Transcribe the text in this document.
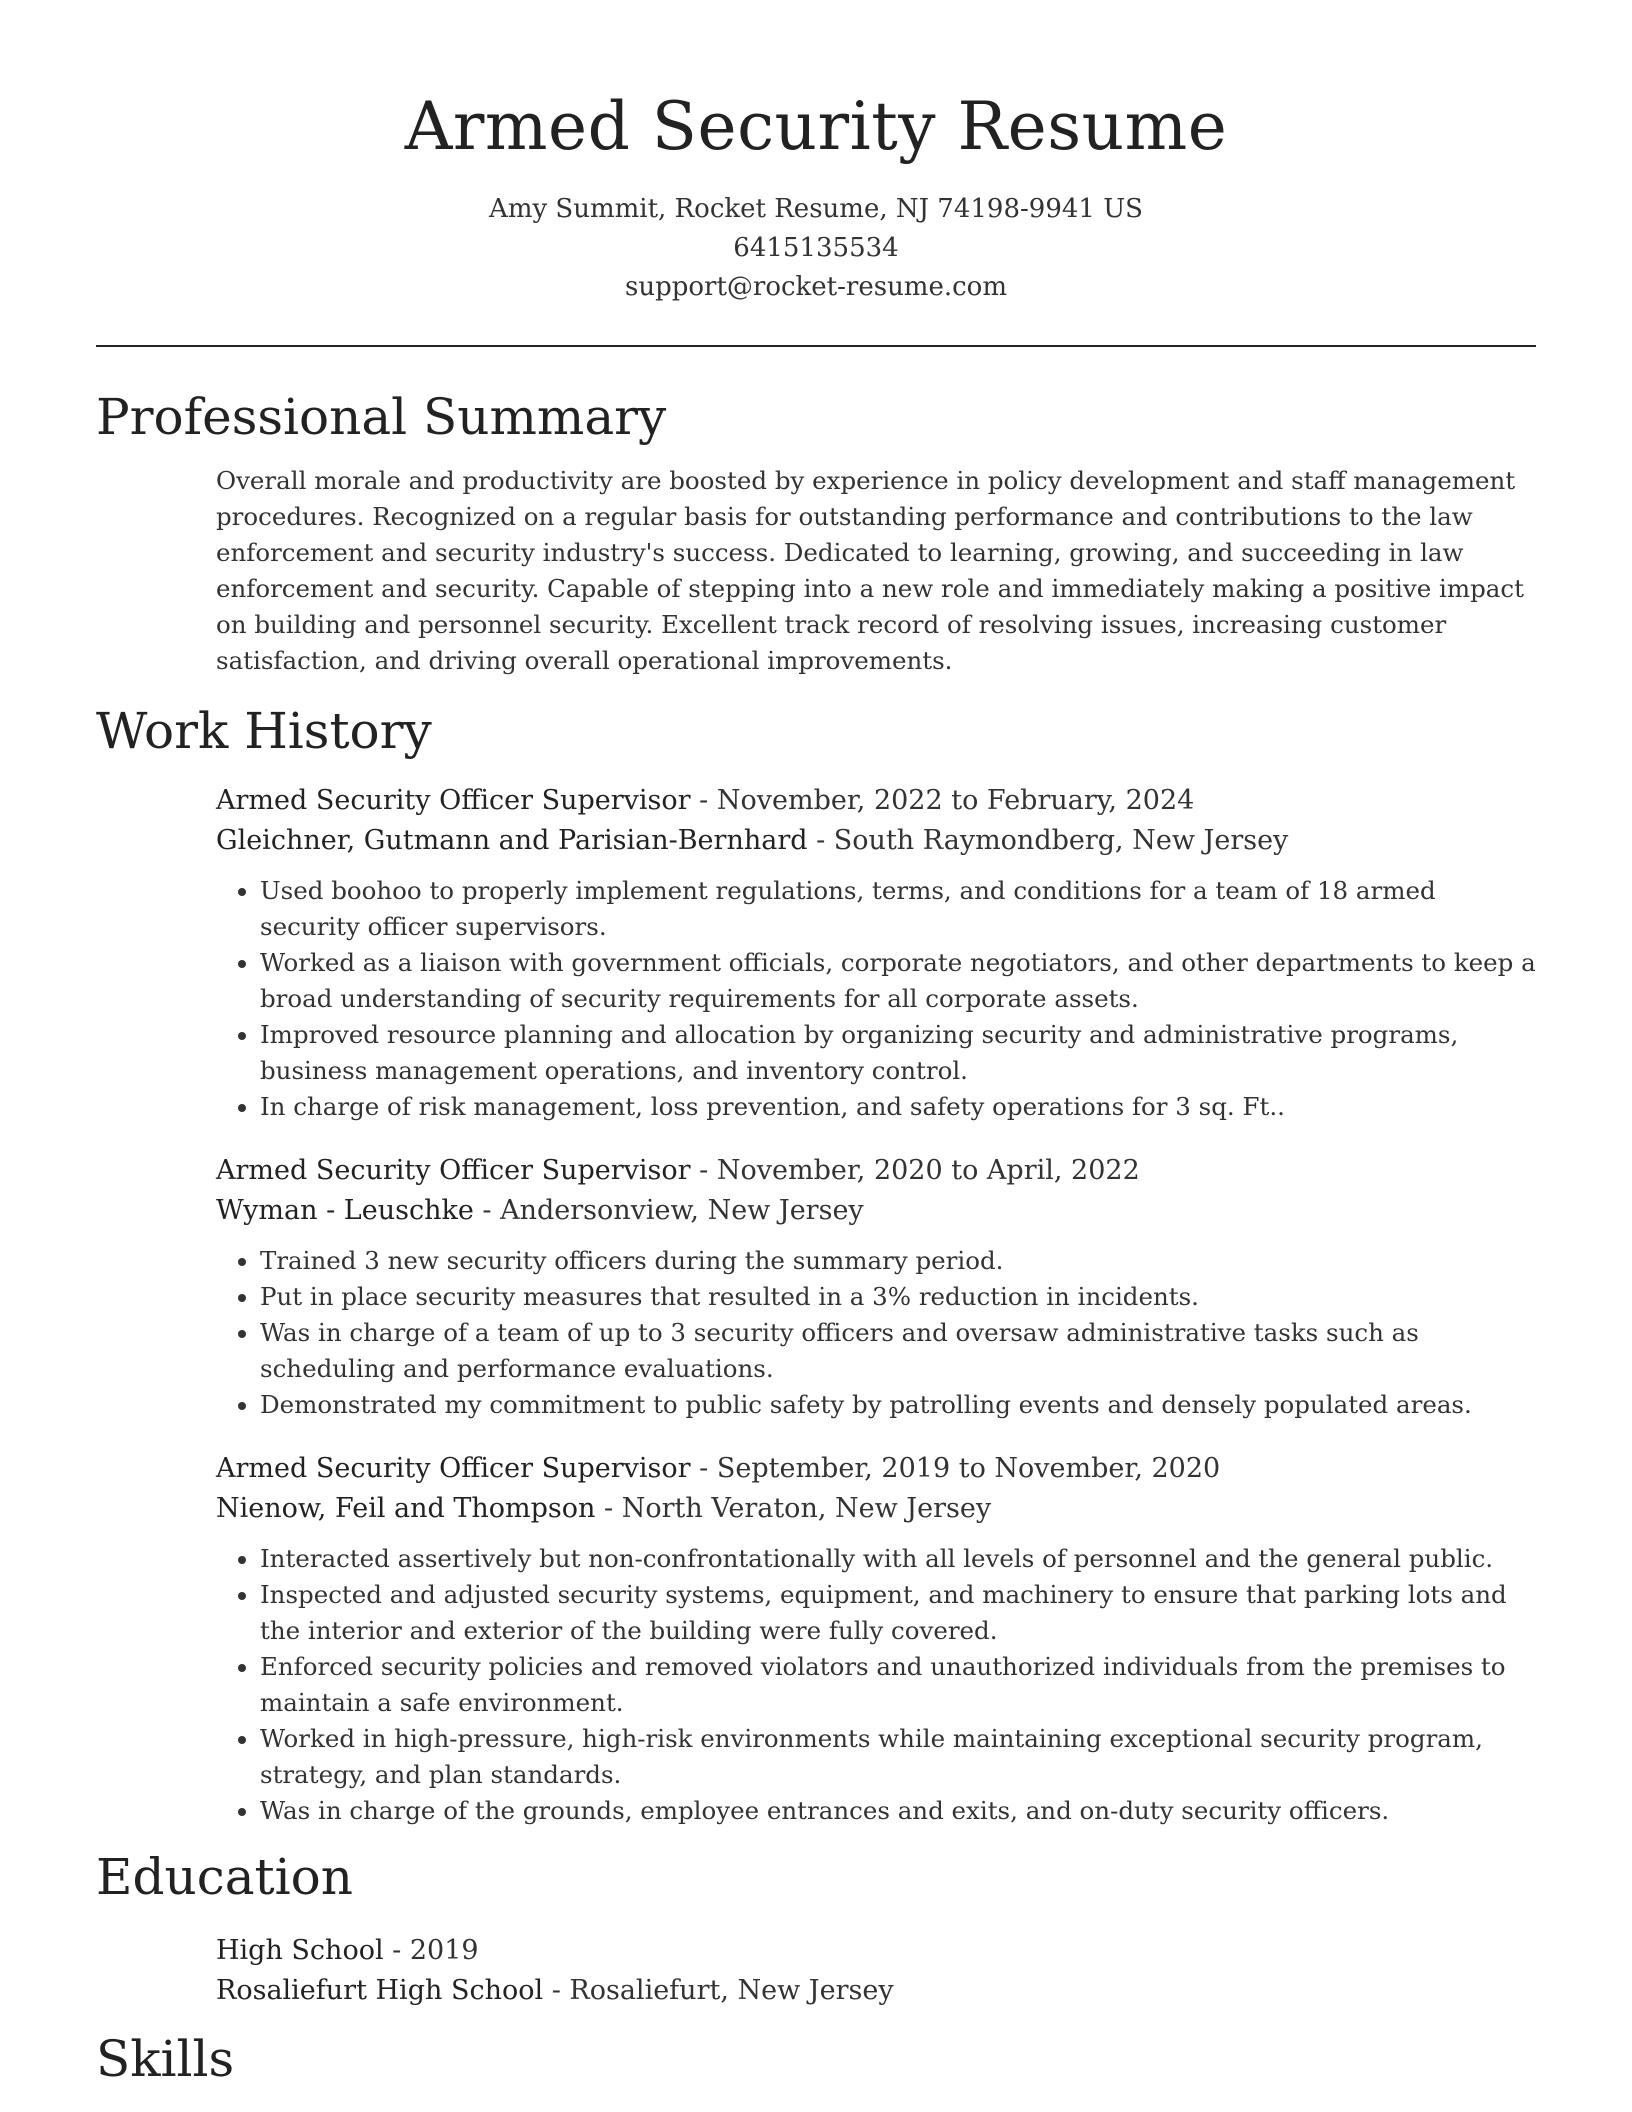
Armed Security Resume
Amy Summit, Rocket Resume, NJ 74198-9941 US
6415135534
support@rocket-resume.com
Professional Summary

Overall morale and productivity are boosted by experience in policy development and staff management procedures. Recognized on a regular basis for outstanding performance and contributions to the law enforcement and security industry's success. Dedicated to learning, growing, and succeeding in law enforcement and security. Capable of stepping into a new role and immediately making a positive impact on building and personnel security. Excellent track record of resolving issues, increasing customer satisfaction, and driving overall operational improvements.

Work History
Armed Security Officer Supervisor - November, 2022 to February, 2024
Gleichner, Gutmann and Parisian-Bernhard - South Raymondberg, New Jersey
• Used boohoo to properly implement regulations, terms, and conditions for a team of 18 armed security officer supervisors.
• Worked as a liaison with government officials, corporate negotiators, and other departments to keep a broad understanding of security requirements for all corporate assets.
• Improved resource planning and allocation by organizing security and administrative programs, business management operations, and inventory control.
• In charge of risk management, loss prevention, and safety operations for 3 sq. Ft..
Armed Security Officer Supervisor - November, 2020 to April, 2022
Wyman - Leuschke - Andersonview, New Jersey
• Trained 3 new security officers during the summary period.
• Put in place security measures that resulted in a 3% reduction in incidents.
• Was in charge of a team of up to 3 security officers and oversaw administrative tasks such as scheduling and performance evaluations.
• Demonstrated my commitment to public safety by patrolling events and densely populated areas.
Armed Security Officer Supervisor - September, 2019 to November, 2020
Nienow, Feil and Thompson - North Veraton, New Jersey
• Interacted assertively but non-confrontationally with all levels of personnel and the general public.
• Inspected and adjusted security systems, equipment, and machinery to ensure that parking lots and the interior and exterior of the building were fully covered.
• Enforced security policies and removed violators and unauthorized individuals from the premises to maintain a safe environment.
• Worked in high-pressure, high-risk environments while maintaining exceptional security program, strategy, and plan standards.
• Was in charge of the grounds, employee entrances and exits, and on-duty security officers.
Education
High School - 2019
Rosaliefurt High School - Rosaliefurt, New Jersey
Skills
